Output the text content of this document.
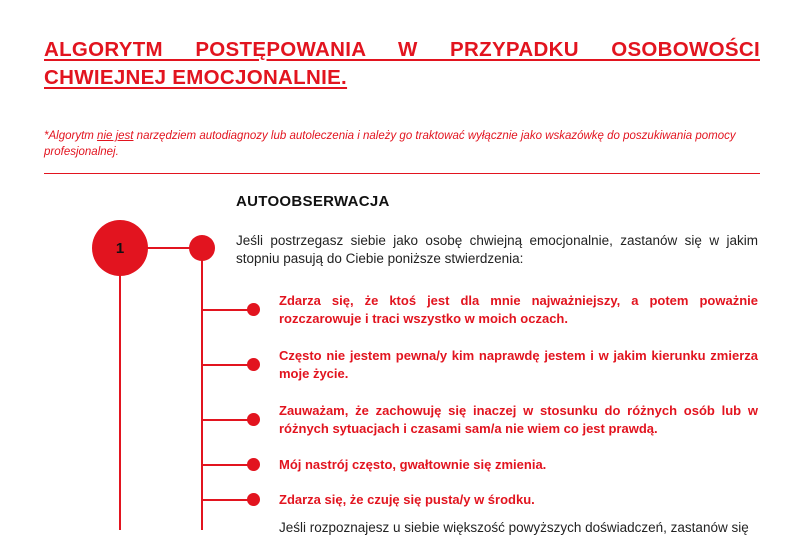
ALGORYTM POSTĘPOWANIA W PRZYPADKU OSOBOWOŚCI CHWIEJNEJ EMOCJONALNIE.

*Algorytm nie jest narzędziem autodiagnozy lub autoleczenia i należy go traktować wyłącznie jako wskazówkę do poszukiwania pomocy profesjonalnej.

1
AUTOOBSERWACJA

Jeśli postrzegasz siebie jako osobę chwiejną emocjonalnie, zastanów się w jakim stopniu pasują do Ciebie poniższe stwierdzenia:

Zdarza się, że ktoś jest dla mnie najważniejszy, a potem poważnie rozczarowuje i traci wszystko w moich oczach.

Często nie jestem pewna/y kim naprawdę jestem i w jakim kierunku zmierza moje życie.

Zauważam, że zachowuję się inaczej w stosunku do różnych osób lub w różnych sytuacjach i czasami sam/a nie wiem co jest prawdą.

Mój nastrój często, gwałtownie się zmienia.

Zdarza się, że czuję się pusta/y w środku.

Jeśli rozpoznajesz u siebie większość powyższych doświadczeń, zastanów się
